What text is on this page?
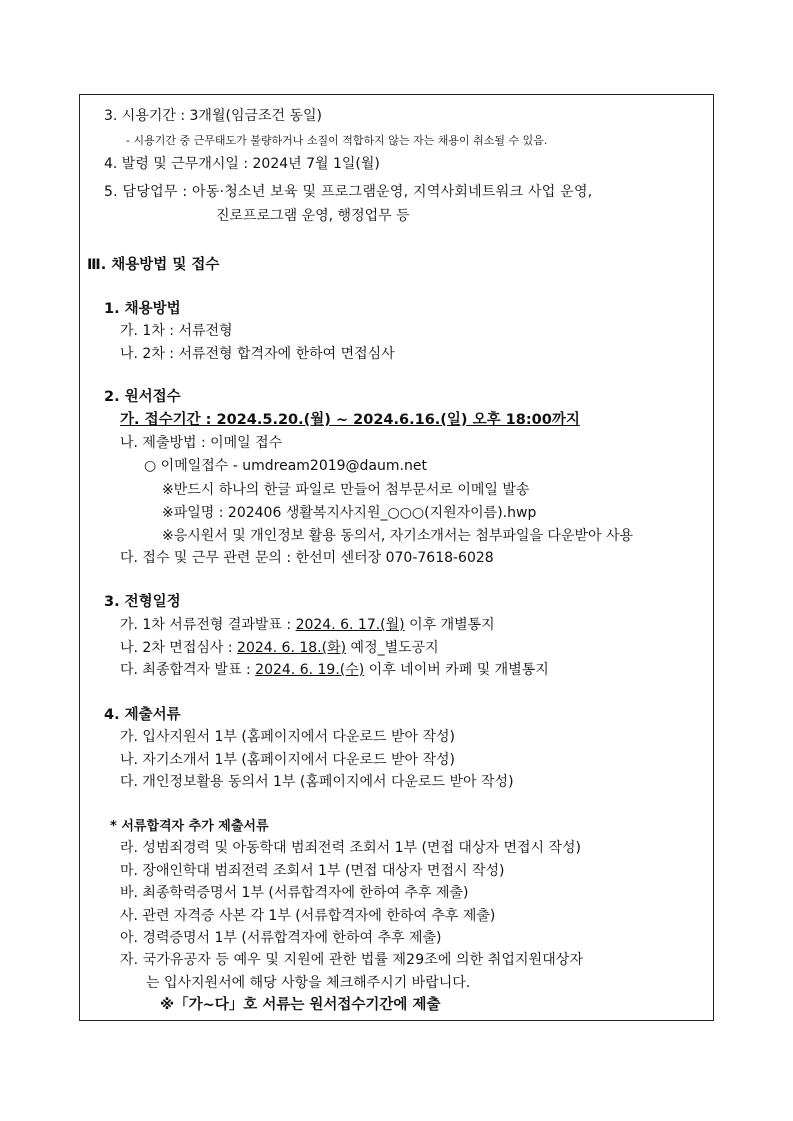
3. 시용기간 : 3개월(임금조건 동일)
- 시용기간 중 근무태도가 불량하거나 소질이 적합하지 않는 자는 채용이 취소될 수 있음.
4. 발령 및 근무개시일 : 2024년 7월 1일(월)
5. 담당업무 : 아동·청소년 보육 및 프로그램운영, 지역사회네트워크 사업 운영,
진로프로그램 운영, 행정업무 등
Ⅲ. 채용방법 및 접수
1. 채용방법
가. 1차 : 서류전형
나. 2차 : 서류전형 합격자에 한하여 면접심사
2. 원서접수
가. 접수기간 : 2024.5.20.(월) ~ 2024.6.16.(일) 오후 18:00까지
나. 제출방법 : 이메일 접수
○ 이메일접수 - umdream2019@daum.net
※반드시 하나의 한글 파일로 만들어 첨부문서로 이메일 발송
※파일명 : 202406 생활복지사지원_○○○(지원자이름).hwp
※응시원서 및 개인정보 활용 동의서, 자기소개서는 첨부파일을 다운받아 사용
다. 접수 및 근무 관련 문의 : 한선미 센터장 070-7618-6028
3. 전형일정
가. 1차 서류전형 결과발표 : 2024. 6. 17.(월) 이후 개별통지
나. 2차 면접심사 : 2024. 6. 18.(화) 예정_별도공지
다. 최종합격자 발표 : 2024. 6. 19.(수) 이후 네이버 카페 및 개별통지
4. 제출서류
가. 입사지원서 1부 (홈페이지에서 다운로드 받아 작성)
나. 자기소개서 1부 (홈페이지에서 다운로드 받아 작성)
다. 개인정보활용 동의서 1부 (홈페이지에서 다운로드 받아 작성)
* 서류합격자 추가 제출서류
라. 성범죄경력 및 아동학대 범죄전력 조회서 1부 (면접 대상자 면접시 작성)
마. 장애인학대 범죄전력 조회서 1부 (면접 대상자 면접시 작성)
바. 최종학력증명서 1부 (서류합격자에 한하여 추후 제출)
사. 관련 자격증 사본 각 1부 (서류합격자에 한하여 추후 제출)
아. 경력증명서 1부 (서류합격자에 한하여 추후 제출)
자. 국가유공자 등 예우 및 지원에 관한 법률 제29조에 의한 취업지원대상자
는 입사지원서에 해당 사항을 체크해주시기 바랍니다.
※「가~다」호 서류는 원서접수기간에 제출
